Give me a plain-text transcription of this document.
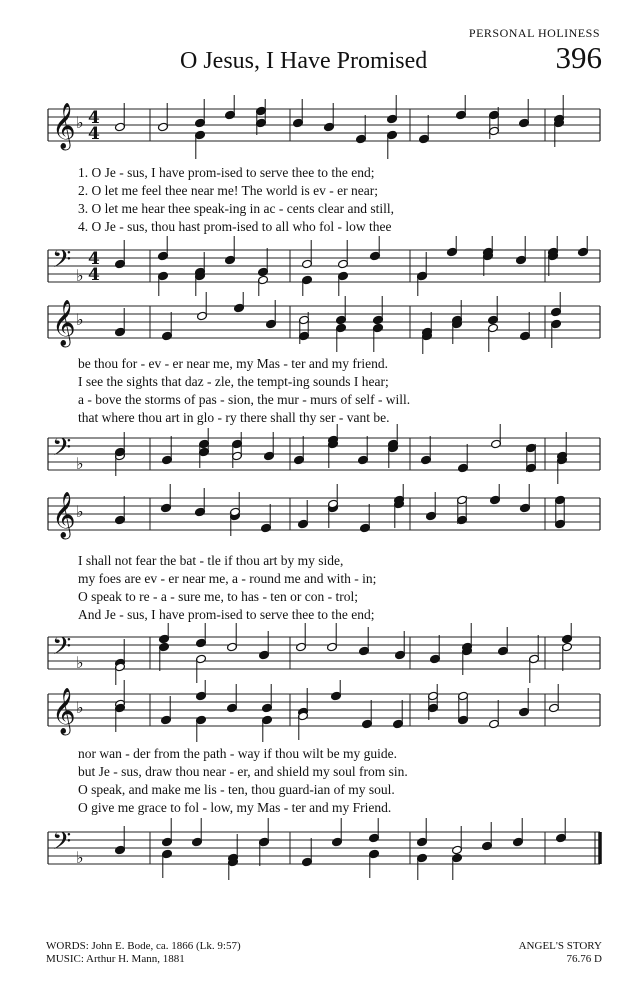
PERSONAL HOLINESS
O Jesus, I Have Promised	396
𝄞 ♭ 4
4
1. O Je - sus, I have prom-ised to serve thee to the end;
2. O let me feel thee near me! The world is ev - er near;
3. O let me hear thee speak-ing in ac - cents clear and still,
4. O Je - sus, thou hast prom-ised to all who fol - low thee
𝄢 ♭
4
4
𝄞 ♭
be thou for - ev - er near me, my Mas - ter and my friend.
I see the sights that daz - zle, the tempt-ing sounds I hear;
a - bove the storms of pas - sion, the mur - murs of self - will.
that where thou art in glo - ry there shall thy ser - vant be.
𝄢 ♭
𝄞 ♭
I shall not fear the bat - tle if thou art by my side,
my foes are ev - er near me, a - round me and with - in;
O speak to re - a - sure me, to has - ten or con - trol;
And Je - sus, I have prom-ised to serve thee to the end;
𝄢 ♭
𝄞 ♭
nor wan - der from the path - way if thou wilt be my guide.
but Je - sus, draw thou near - er, and shield my soul from sin.
O speak, and make me lis - ten, thou guard-ian of my soul.
O give me grace to fol - low, my Mas - ter and my Friend.
𝄢 ♭
WORDS: John E. Bode, ca. 1866 (Lk. 9:57)
MUSIC: Arthur H. Mann, 1881
ANGEL'S STORY
76.76 D
